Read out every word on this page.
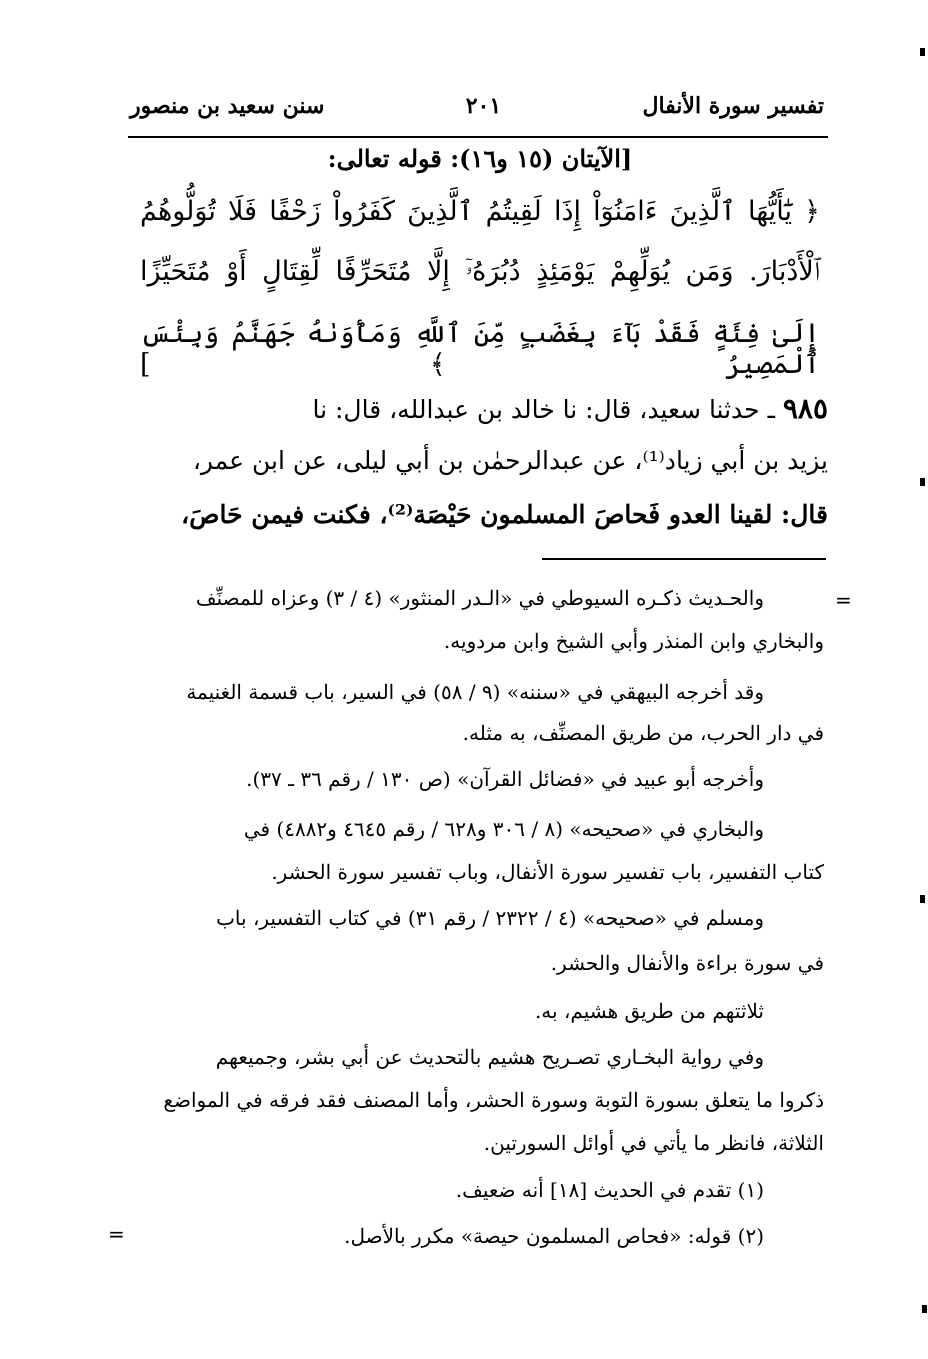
تفسير سورة الأنفال
٢٠١
سنن سعيد بن منصور
[الآيتان (١٥ و١٦): قوله تعالى:
﴿ يَٰٓأَيُّهَا ٱلَّذِينَ ءَامَنُوٓاْ إِذَا لَقِيتُمُ ٱلَّذِينَ كَفَرُواْ زَحْفًا فَلَا تُوَلُّوهُمُ
ٱلْأَدْبَارَ. وَمَن يُوَلِّهِمْ يَوْمَئِذٍ دُبُرَهُۥٓ إِلَّا مُتَحَرِّفًا لِّقِتَالٍ أَوْ مُتَحَيِّزًا
إِلَىٰ فِئَةٍ فَقَدْ بَآءَ بِغَضَبٍ مِّنَ ٱللَّهِ وَمَأْوَىٰهُ جَهَنَّمُ وَبِئْسَ ٱلْمَصِيرُ ﴾ ]
٩٨٥ ـ حدثنا سعيد، قال: نا خالد بن عبدالله، قال: نا
يزيد بن أبي زياد⁽¹⁾، عن عبدالرحمٰن بن أبي ليلى، عن ابن عمر،
قال: لقينا العدو فَحاصَ المسلمون حَيْصَة⁽²⁾، فكنت فيمن حَاصَ،
والحـديث ذكـره السيوطي في «الـدر المنثور» (٤ / ٣) وعزاه للمصنِّف
والبخاري وابن المنذر وأبي الشيخ وابن مردويه.
وقد أخرجه البيهقي في «سننه» (٩ / ٥٨) في السير، باب قسمة الغنيمة
في دار الحرب، من طريق المصنِّف، به مثله.
وأخرجه أبو عبيد في «فضائل القرآن» (ص ١٣٠ / رقم ٣٦ ـ ٣٧).
والبخاري في «صحيحه» (٨ / ٣٠٦ و٦٢٨ / رقم ٤٦٤٥ و٤٨٨٢) في
كتاب التفسير، باب تفسير سورة الأنفال، وباب تفسير سورة الحشر.
ومسلم في «صحيحه» (٤ / ٢٣٢٢ / رقم ٣١) في كتاب التفسير، باب
في سورة براءة والأنفال والحشر.
ثلاثتهم من طريق هشيم، به.
وفي رواية البخـاري تصـريح هشيم بالتحديث عن أبي بشر، وجميعهم
ذكروا ما يتعلق بسورة التوبة وسورة الحشر، وأما المصنف فقد فرقه في المواضع
الثلاثة، فانظر ما يأتي في أوائل السورتين.
(١) تقدم في الحديث [١٨] أنه ضعيف.
(٢) قوله: «فحاص المسلمون حيصة» مكرر بالأصل.
=
=
